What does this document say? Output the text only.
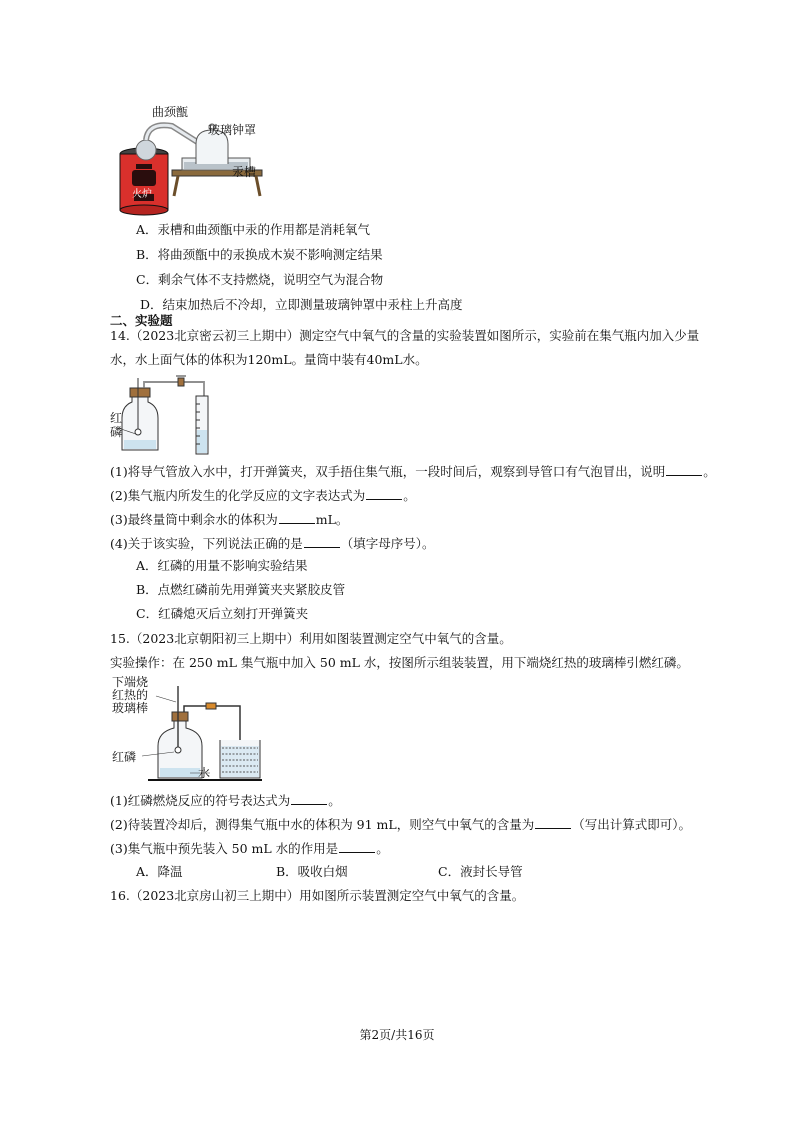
曲颈甑
玻璃钟罩
汞槽
火炉
A．汞槽和曲颈甑中汞的作用都是消耗氧气
B．将曲颈甑中的汞换成木炭不影响测定结果
C．剩余气体不支持燃烧，说明空气为混合物
D．结束加热后不冷却，立即测量玻璃钟罩中汞柱上升高度
二、实验题
14.（2023北京密云初三上期中）测定空气中氧气的含量的实验装置如图所示，实验前在集气瓶内加入少量
水，水上面气体的体积为120mL。量筒中装有40mL水。
红
磷
(1)将导气管放入水中，打开弹簧夹，双手捂住集气瓶，一段时间后，观察到导管口有气泡冒出，说明	。
(2)集气瓶内所发生的化学反应的文字表达式为	。
(3)最终量筒中剩余水的体积为	mL。
(4)关于该实验，下列说法正确的是	（填字母序号）。
A．红磷的用量不影响实验结果
B．点燃红磷前先用弹簧夹夹紧胶皮管
C．红磷熄灭后立刻打开弹簧夹
15.（2023北京朝阳初三上期中）利用如图装置测定空气中氧气的含量。
实验操作：在 250 mL 集气瓶中加入 50 mL 水，按图所示组装装置，用下端烧红热的玻璃棒引燃红磷。
下端烧
红热的
玻璃棒
红磷
水
(1)红磷燃烧反应的符号表达式为	。
(2)待装置冷却后，测得集气瓶中水的体积为 91 mL，则空气中氧气的含量为	（写出计算式即可）。
(3)集气瓶中预先装入 50 mL 水的作用是	。
A．降温	B．吸收白烟	C．液封长导管
16.（2023北京房山初三上期中）用如图所示装置测定空气中氧气的含量。
第2页/共16页
